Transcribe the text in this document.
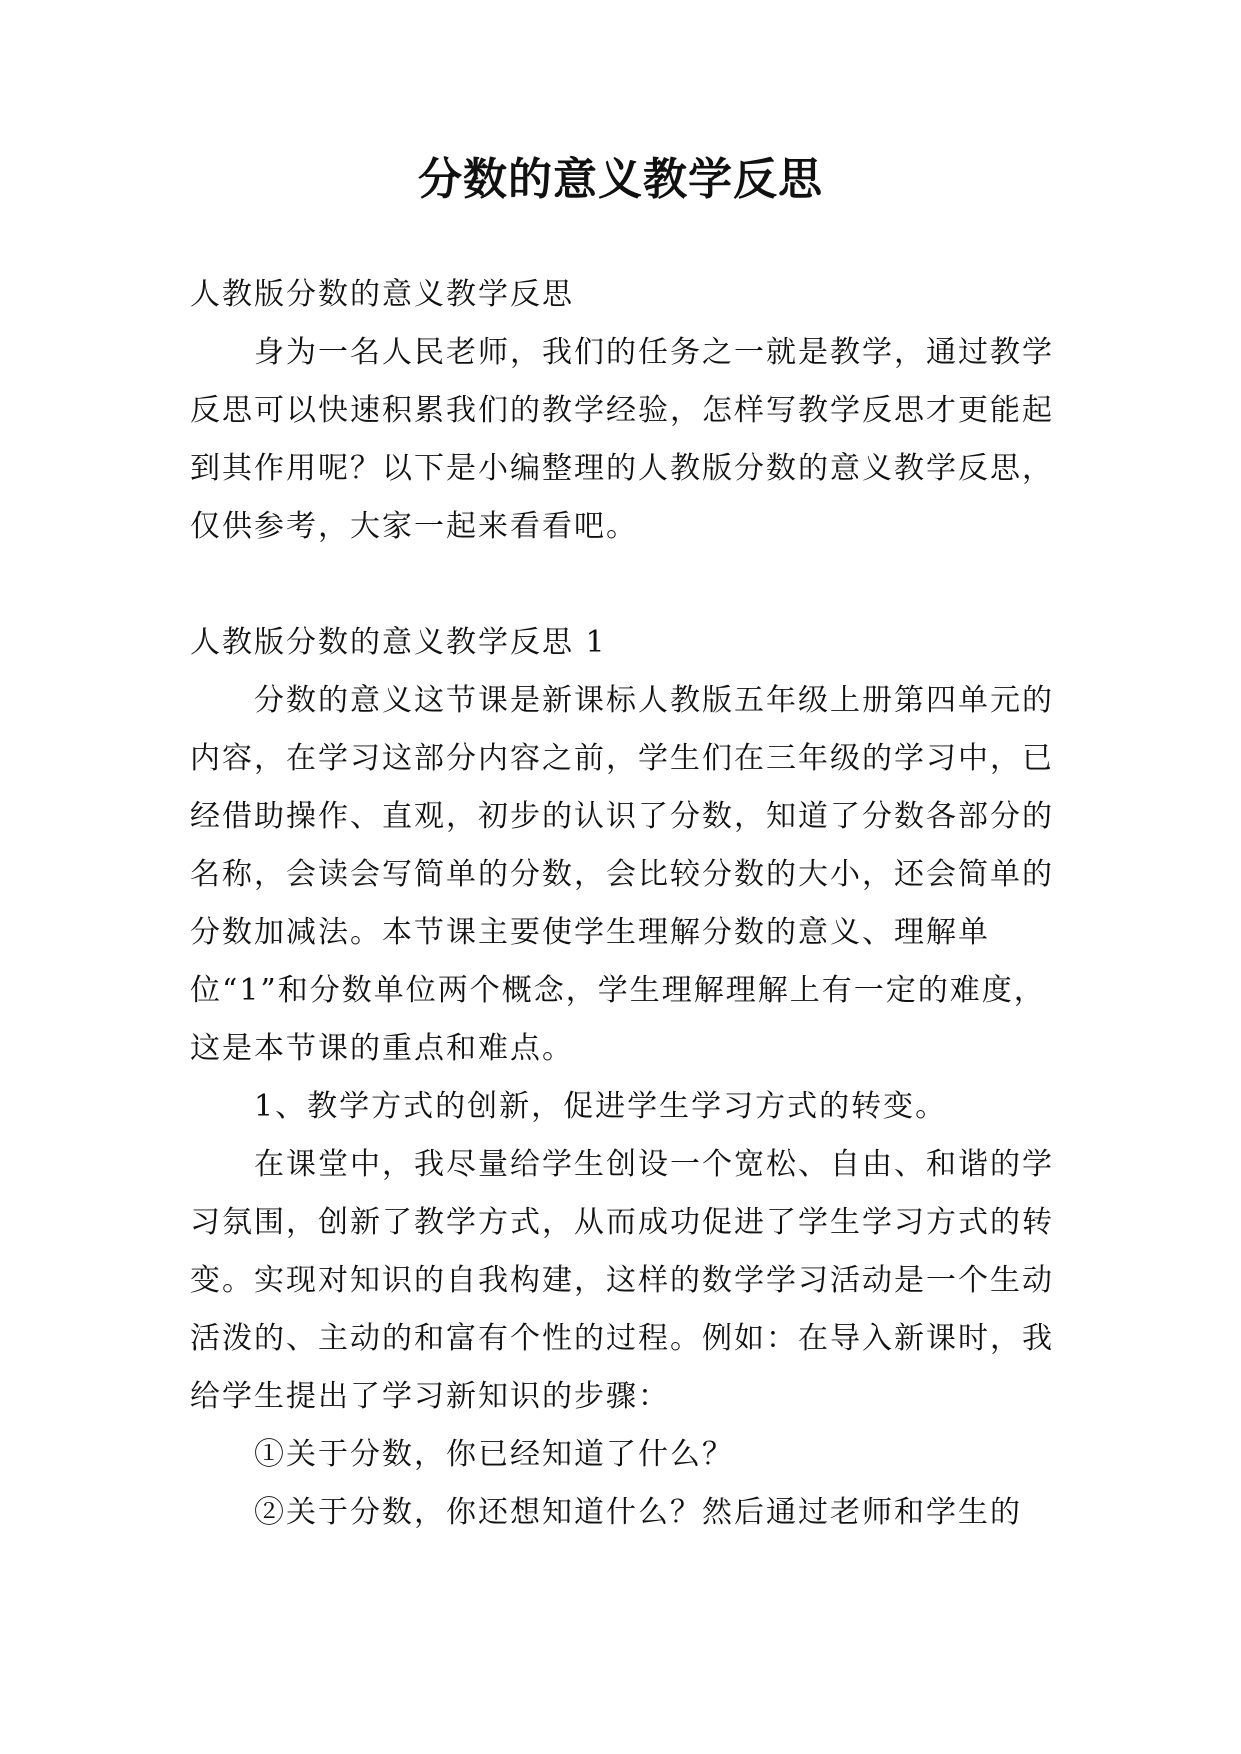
分数的意义教学反思

人教版分数的意义教学反思

身为一名人民老师，我们的任务之一就是教学，通过教学反思可以快速积累我们的教学经验，怎样写教学反思才更能起到其作用呢？以下是小编整理的人教版分数的意义教学反思，仅供参考，大家一起来看看吧。

人教版分数的意义教学反思 1

分数的意义这节课是新课标人教版五年级上册第四单元的内容，在学习这部分内容之前，学生们在三年级的学习中，已经借助操作、直观，初步的认识了分数，知道了分数各部分的名称，会读会写简单的分数，会比较分数的大小，还会简单的分数加减法。本节课主要使学生理解分数的意义、理解单位“1”和分数单位两个概念，学生理解理解上有一定的难度，这是本节课的重点和难点。

1、教学方式的创新，促进学生学习方式的转变。

在课堂中，我尽量给学生创设一个宽松、自由、和谐的学习氛围，创新了教学方式，从而成功促进了学生学习方式的转变。实现对知识的自我构建，这样的数学学习活动是一个生动活泼的、主动的和富有个性的过程。例如：在导入新课时，我给学生提出了学习新知识的步骤：

①关于分数，你已经知道了什么？

②关于分数，你还想知道什么？然后通过老师和学生的
